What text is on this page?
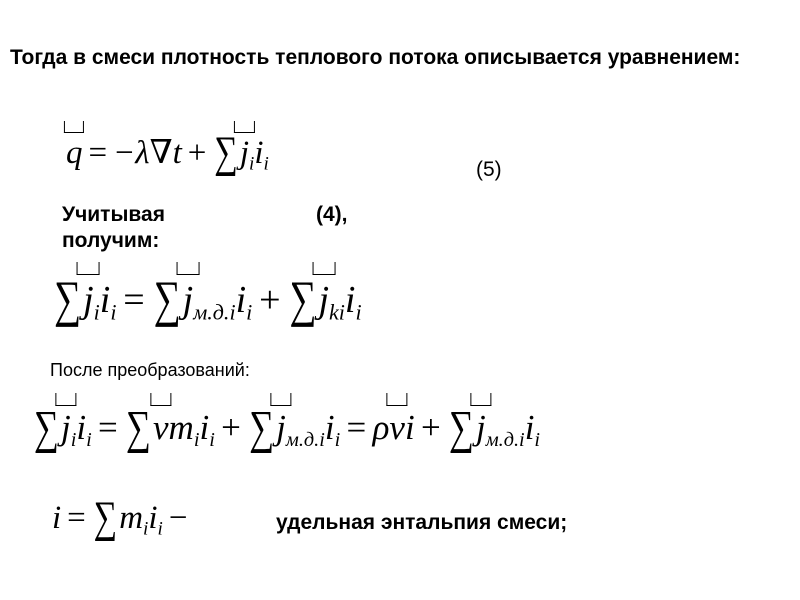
Тогда в смеси плотность теплового потока описывается уравнением:

$q = -\lambda\nabla t + \sum j_ii_i$	(5)
Учитывая	(4),
получим:
$\sum j_ii_i = \sum j_{м.д.i}i_i + \sum j_{ki}i_i$
После преобразований:
$\sum j_ii_i = \sum vm_ii_i + \sum j_{м.д.i}i_i = \rho vi + \sum j_{м.д.i}i_i$
$i = \sum m_ii_i$ −	удельная энтальпия смеси;
